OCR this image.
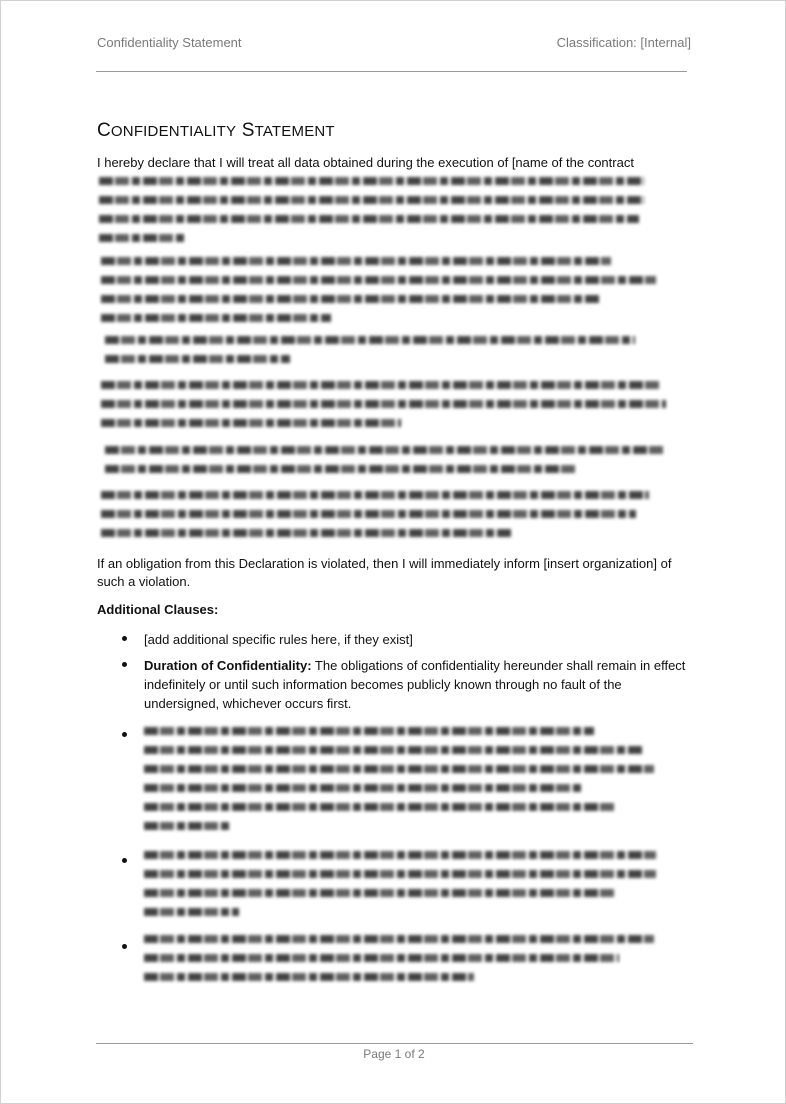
Confidentiality Statement	Classification: [Internal]
CONFIDENTIALITY STATEMENT
I hereby declare that I will treat all data obtained during the execution of [name of the contract
If an obligation from this Declaration is violated, then I will immediately inform [insert organization] of such a violation.
Additional Clauses:
[add additional specific rules here, if they exist]
Duration of Confidentiality: The obligations of confidentiality hereunder shall remain in effect indefinitely or until such information becomes publicly known through no fault of the undersigned, whichever occurs first.
Page 1 of 2
